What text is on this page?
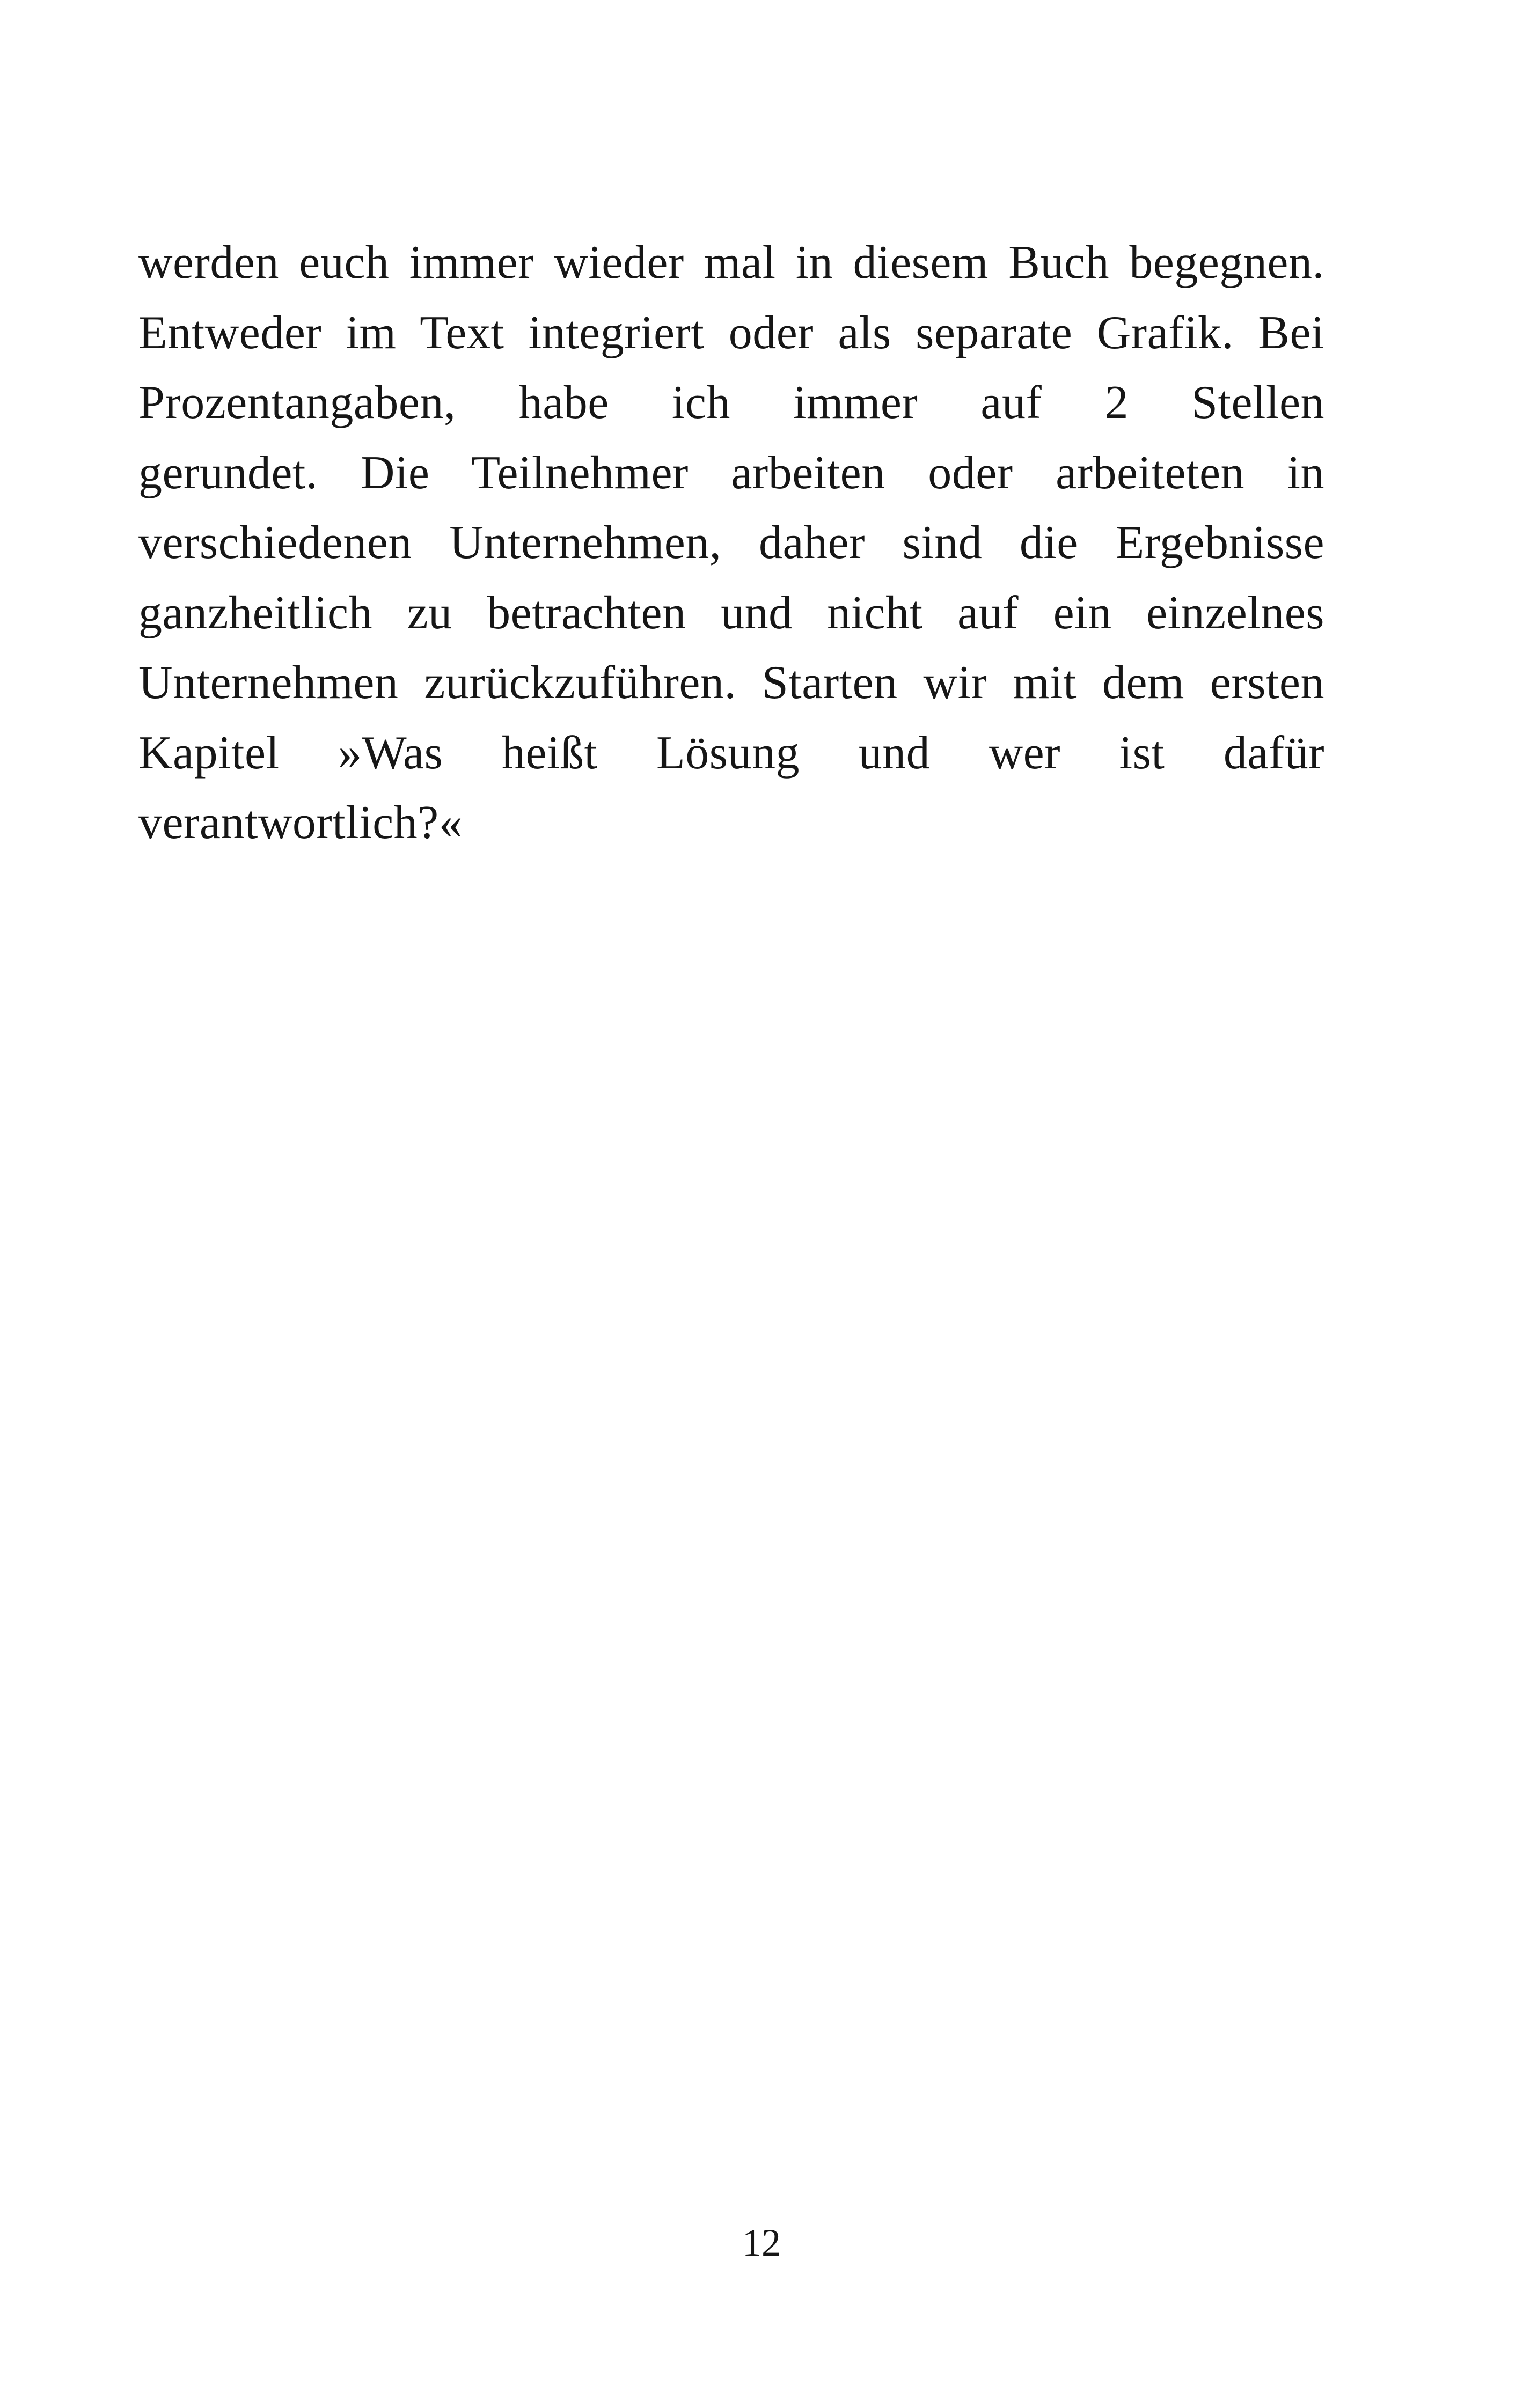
werden euch immer wieder mal in diesem Buch begegnen.
Entweder im Text integriert oder als separate Grafik. Bei
Prozentangaben, habe ich immer auf 2 Stellen
gerundet. Die Teilnehmer arbeiten oder arbeiteten in
verschiedenen Unternehmen, daher sind die Ergebnisse
ganzheitlich zu betrachten und nicht auf ein einzelnes
Unternehmen zurückzuführen. Starten wir mit dem ersten
Kapitel »Was heißt Lösung und wer ist dafür
verantwortlich?«

12
